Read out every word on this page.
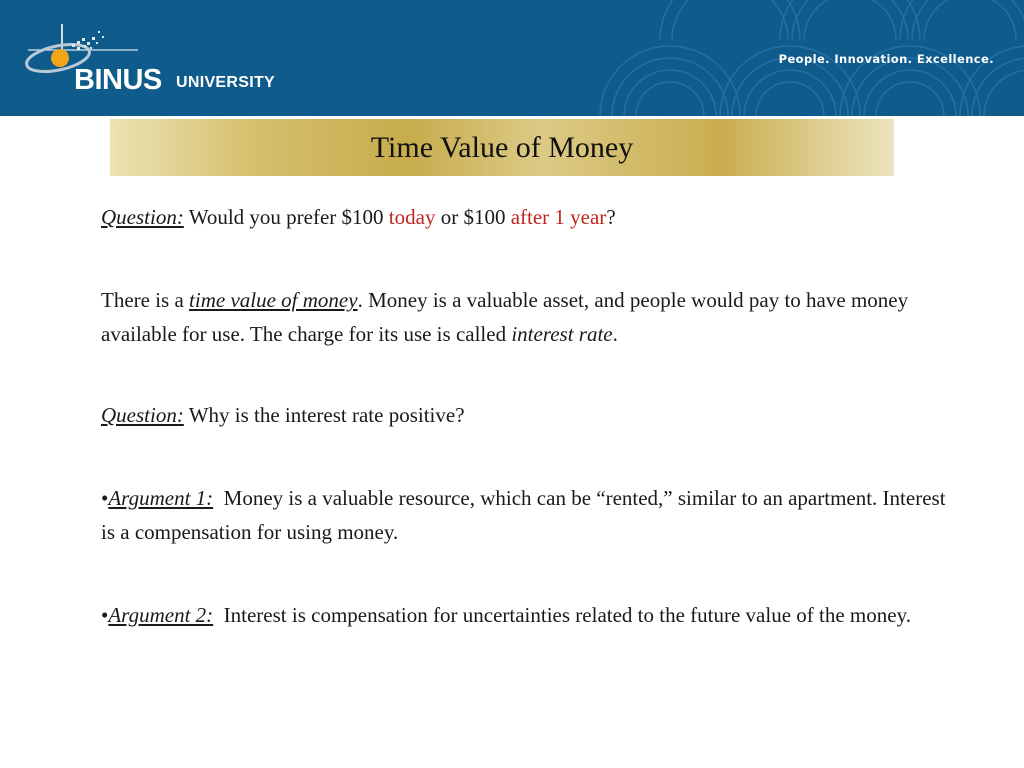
BINUS UNIVERSITY
People. Innovation. Excellence.
Time Value of Money

Question: Would you prefer $100 today or $100 after 1 year?

There is a time value of money. Money is a valuable asset, and people would pay to have money available for use. The charge for its use is called interest rate.

Question: Why is the interest rate positive?

•Argument 1:  Money is a valuable resource, which can be “rented,” similar to an apartment. Interest is a compensation for using money.

•Argument 2:  Interest is compensation for uncertainties related to the future value of the money.
